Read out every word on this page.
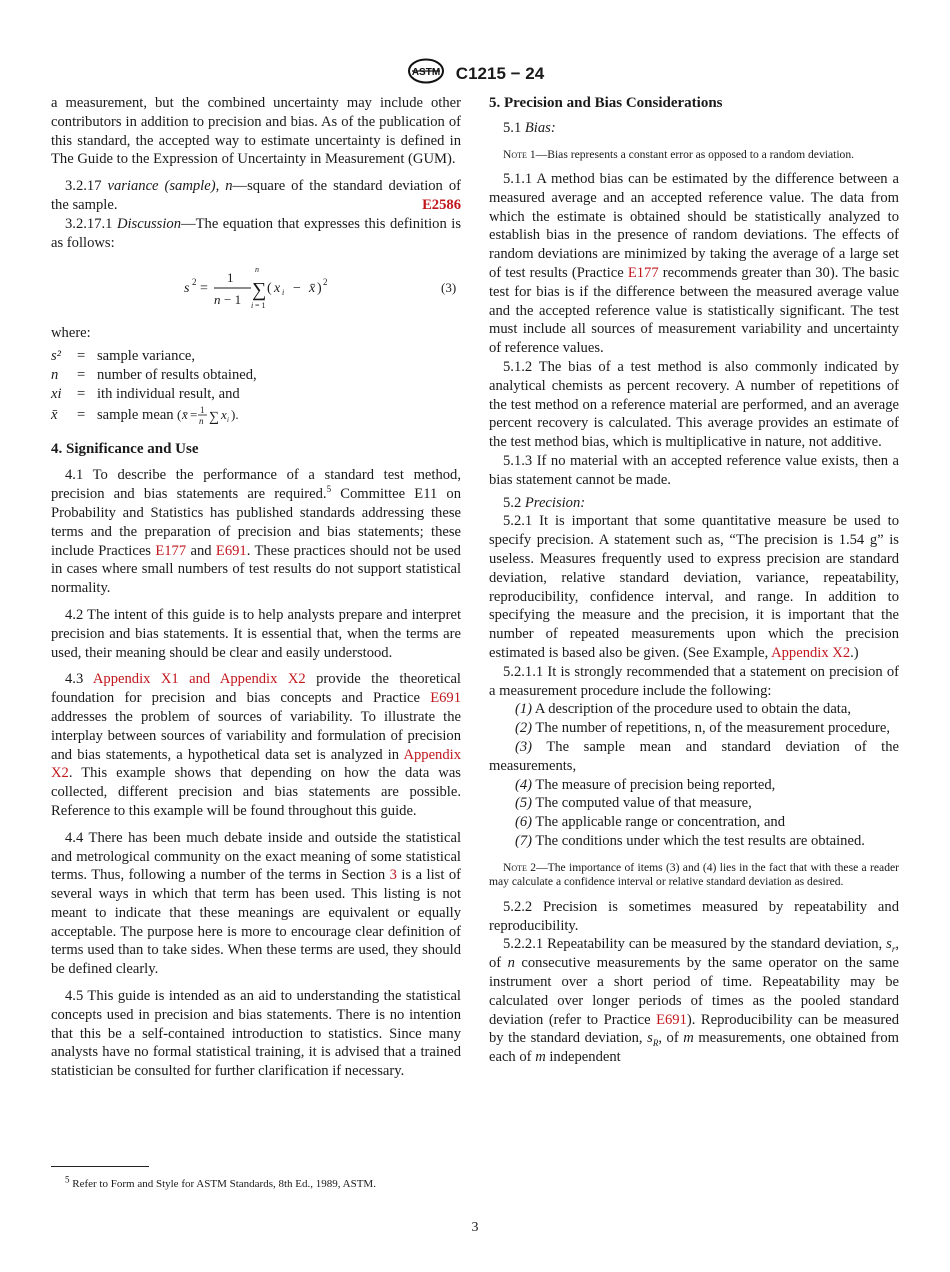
ASTM C1215 − 24

a measurement, but the combined uncertainty may include other contributors in addition to precision and bias. As of the publication of this standard, the accepted way to estimate uncertainty is defined in The Guide to the Expression of Uncertainty in Measurement (GUM).

3.2.17 variance (sample), n—square of the standard deviation of the sample.	E2586

3.2.17.1 Discussion—The equation that expresses this definition is as follows:

s 2 =
1
n − 1
n
∑
i = 1
( x i − x̄ ) 2	(3)

where:

s²	= sample variance,
n	= number of results obtained,
xi	= ith individual result, and
x̄	= sample mean ( x̄ = 1
n ∑ x i ).
4. Significance and Use

4.1 To describe the performance of a standard test method, precision and bias statements are required.$^5$ Committee E11 on Probability and Statistics has published standards addressing these terms and the preparation of precision and bias statements; these include Practices E177 and E691. These practices should not be used in cases where small numbers of test results do not support statistical normality.

4.2 The intent of this guide is to help analysts prepare and interpret precision and bias statements. It is essential that, when the terms are used, their meaning should be clear and easily understood.

4.3 Appendix X1 and Appendix X2 provide the theoretical foundation for precision and bias concepts and Practice E691 addresses the problem of sources of variability. To illustrate the interplay between sources of variability and formulation of precision and bias statements, a hypothetical data set is analyzed in Appendix X2. This example shows that depending on how the data was collected, different precision and bias statements are possible. Reference to this example will be found throughout this guide.

4.4 There has been much debate inside and outside the statistical and metrological community on the exact meaning of some statistical terms. Thus, following a number of the terms in Section 3 is a list of several ways in which that term has been used. This listing is not meant to indicate that these meanings are equivalent or equally acceptable. The purpose here is more to encourage clear definition of terms used than to take sides. When these terms are used, they should be defined clearly.

4.5 This guide is intended as an aid to understanding the statistical concepts used in precision and bias statements. There is no intention that this be a self-contained introduction to statistics. Since many analysts have no formal statistical training, it is advised that a trained statistician be consulted for further clarification if necessary.

$^5$ Refer to Form and Style for ASTM Standards, 8th Ed., 1989, ASTM.
5. Precision and Bias Considerations

5.1 Bias:

Note 1—Bias represents a constant error as opposed to a random deviation.

5.1.1 A method bias can be estimated by the difference between a measured average and an accepted reference value. The data from which the estimate is obtained should be statistically analyzed to establish bias in the presence of random deviations. The effects of random deviations are minimized by taking the average of a large set of test results (Practice E177 recommends greater than 30). The basic test for bias is if the difference between the measured average value and the accepted reference value is statistically significant. The test must include all sources of measurement variability and uncertainty of reference values.

5.1.2 The bias of a test method is also commonly indicated by analytical chemists as percent recovery. A number of repetitions of the test method on a reference material are performed, and an average percent recovery is calculated. This average provides an estimate of the test method bias, which is multiplicative in nature, not additive.

5.1.3 If no material with an accepted reference value exists, then a bias statement cannot be made.

5.2 Precision:

5.2.1 It is important that some quantitative measure be used to specify precision. A statement such as, “The precision is 1.54 g” is useless. Measures frequently used to express precision are standard deviation, relative standard deviation, variance, repeatability, reproducibility, confidence interval, and range. In addition to specifying the measure and the precision, it is important that the number of repeated measurements upon which the precision estimated is based also be given. (See Example, Appendix X2.)

5.2.1.1 It is strongly recommended that a statement on precision of a measurement procedure include the following:

(1) A description of the procedure used to obtain the data,

(2) The number of repetitions, n, of the measurement procedure,

(3) The sample mean and standard deviation of the measurements,

(4) The measure of precision being reported,

(5) The computed value of that measure,

(6) The applicable range or concentration, and

(7) The conditions under which the test results are obtained.

Note 2—The importance of items (3) and (4) lies in the fact that with these a reader may calculate a confidence interval or relative standard deviation as desired.

5.2.2 Precision is sometimes measured by repeatability and reproducibility.

5.2.2.1 Repeatability can be measured by the standard deviation, $s_r$, of n consecutive measurements by the same operator on the same instrument over a short period of time. Repeatability may be calculated over longer periods of times as the pooled standard deviation (refer to Practice E691). Reproducibility can be measured by the standard deviation, $s_R$, of m measurements, one obtained from each of m independent

3
